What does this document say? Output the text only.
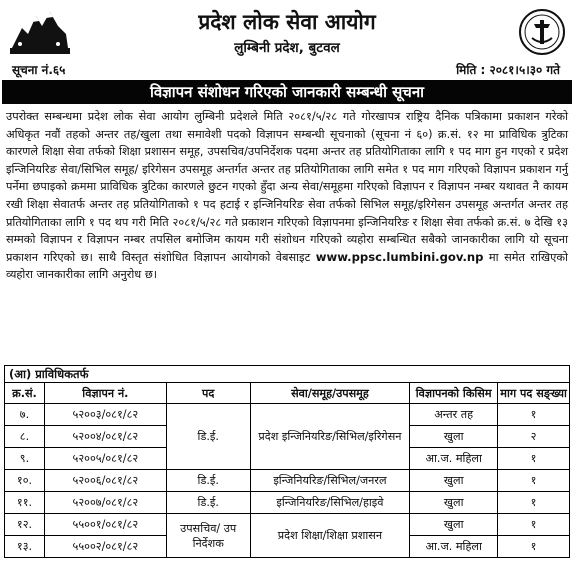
प्रदेश लोक सेवा आयोग
लुम्बिनी प्रदेश, बुटवल
सूचना नं.६५	मिति : २०८१।५।३० गते
विज्ञापन संशोधन गरिएको जानकारी सम्बन्धी सूचना
उपरोक्त सम्बन्धमा प्रदेश लोक सेवा आयोग लुम्बिनी प्रदेशले मिति २०८१/५/२८ गते गोरखापत्र राष्ट्रिय दैनिक पत्रिकामा प्रकाशन गरेको अधिकृत नवौं तहको अन्तर तह/खुला तथा समावेशी पदको विज्ञापन सम्बन्धी सूचनाको (सूचना नं ६०) क्र.सं. १२ मा प्राविधिक त्रुटिका कारणले शिक्षा सेवा तर्फको शिक्षा प्रशासन समूह, उपसचिव/उपनिर्देशक पदमा अन्तर तह प्रतियोगिताका लागि १ पद माग हुन गएको र प्रदेश इन्जिनियरिङ सेवा/सिभिल समूह/ इरिगेसन उपसमूह अन्तर्गत अन्तर तह प्रतियोगिताका लागि समेत १ पद माग गरिएको विज्ञापन प्रकाशन गर्नु पर्नेमा छपाइको क्रममा प्राविधिक त्रुटिका कारणले छुटन गएको हुँदा अन्य सेवा/समूहमा गरिएको विज्ञापन र विज्ञापन नम्बर यथावत नै कायम रखी शिक्षा सेवातर्फ अन्तर तह प्रतियोगिताको १ पद हटाई र इन्जिनियरिङ सेवा तर्फको सिभिल समूह/इरिगेसन उपसमूह अन्तर्गत अन्तर तह प्रतियोगिताका लागि १ पद थप गरी मिति २०८१/५/२८ गते प्रकाशन गरिएको विज्ञापनमा इन्जिनियरिङ र शिक्षा सेवा तर्फको क्र.सं. ७ देखि १३ सम्मको विज्ञापन र विज्ञापन नम्बर तपसिल बमोजिम कायम गरी संशोधन गरिएको व्यहोरा सम्बन्धित सबैको जानकारीका लागि यो सूचना प्रकाशन गरिएको छ। साथै विस्तृत संशोधित विज्ञापन आयोगको वेबसाइट www.ppsc.lumbini.gov.np मा समेत राखिएको व्यहोरा जानकारीका लागि अनुरोध छ।
(आ) प्राविधिकतर्फ
क्र.सं.	विज्ञापन नं.	पद	सेवा/समूह/उपसमूह	विज्ञापनको किसिम	माग पद सङ्ख्या
७.	५२००३/०८१/८२	डि.ई.	प्रदेश इन्जिनियरिङ/सिभिल/इरिगेसन	अन्तर तह	१
८.	५२००४/०८१/८२			खुला	२
९.	५२००५/०८१/८२			आ.ज. महिला	१
१०.	५२००६/०८१/८२	डि.ई.	इन्जिनियरिङ/सिभिल/जनरल	खुला	१
११.	५२००७/०८१/८२	डि.ई.	इन्जिनियरिङ/सिभिल/हाइवे	खुला	१
१२.	५५००१/०८१/८२	उपसचिव/ उप निर्देशक	प्रदेश शिक्षा/शिक्षा प्रशासन	खुला	१
१३.	५५००२/०८१/८२			आ.ज. महिला	१
